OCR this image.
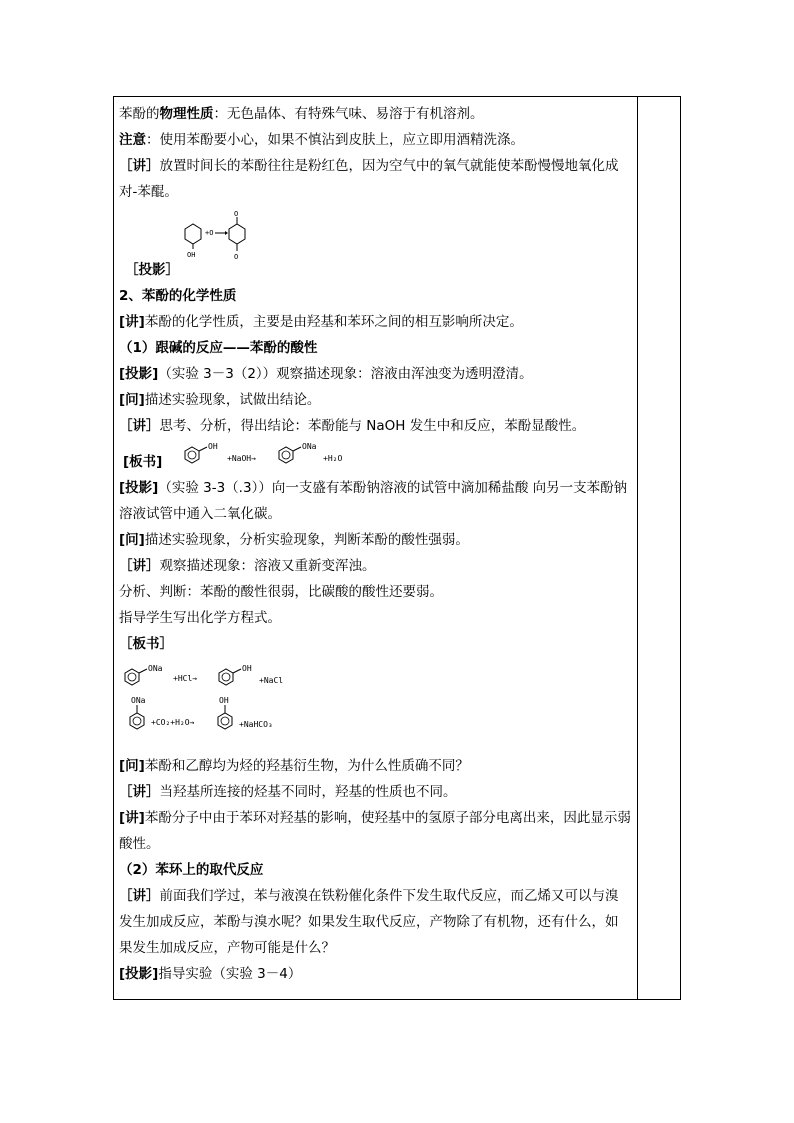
苯酚的物理性质：无色晶体、有特殊气味、易溶于有机溶剂。
注意：使用苯酚要小心，如果不慎沾到皮肤上，应立即用酒精洗涤。
［讲］放置时间长的苯酚往往是粉红色，因为空气中的氧气就能使苯酚慢慢地氧化成对-苯醌。
OH
+O
O
O
［投影］
2、苯酚的化学性质
[讲]苯酚的化学性质，主要是由羟基和苯环之间的相互影响所决定。
（1）跟碱的反应——苯酚的酸性
[投影]（实验 3－3（2））观察描述现象：溶液由浑浊变为透明澄清。
[问]描述实验现象，试做出结论。
［讲］思考、分析，得出结论：苯酚能与 NaOH 发生中和反应，苯酚显酸性。
[板书]
OH
+NaOH→
ONa
+H₂O
[投影]（实验 3-3（.3））向一支盛有苯酚钠溶液的试管中滴加稀盐酸 向另一支苯酚钠溶液试管中通入二氧化碳。
[问]描述实验现象，分析实验现象，判断苯酚的酸性强弱。
［讲］观察描述现象：溶液又重新变浑浊。
分析、判断：苯酚的酸性很弱，比碳酸的酸性还要弱。
指导学生写出化学方程式。
［板书］
ONa
+HCl→
OH
+NaCl
ONa
+CO₂+H₂O→
OH
+NaHCO₃
[问]苯酚和乙醇均为烃的羟基衍生物，为什么性质确不同？
［讲］当羟基所连接的烃基不同时，羟基的性质也不同。
[讲]苯酚分子中由于苯环对羟基的影响，使羟基中的氢原子部分电离出来，因此显示弱酸性。
（2）苯环上的取代反应
［讲］前面我们学过，苯与液溴在铁粉催化条件下发生取代反应，而乙烯又可以与溴发生加成反应，苯酚与溴水呢？如果发生取代反应，产物除了有机物，还有什么，如果发生加成反应，产物可能是什么？
[投影]指导实验（实验 3－4）
